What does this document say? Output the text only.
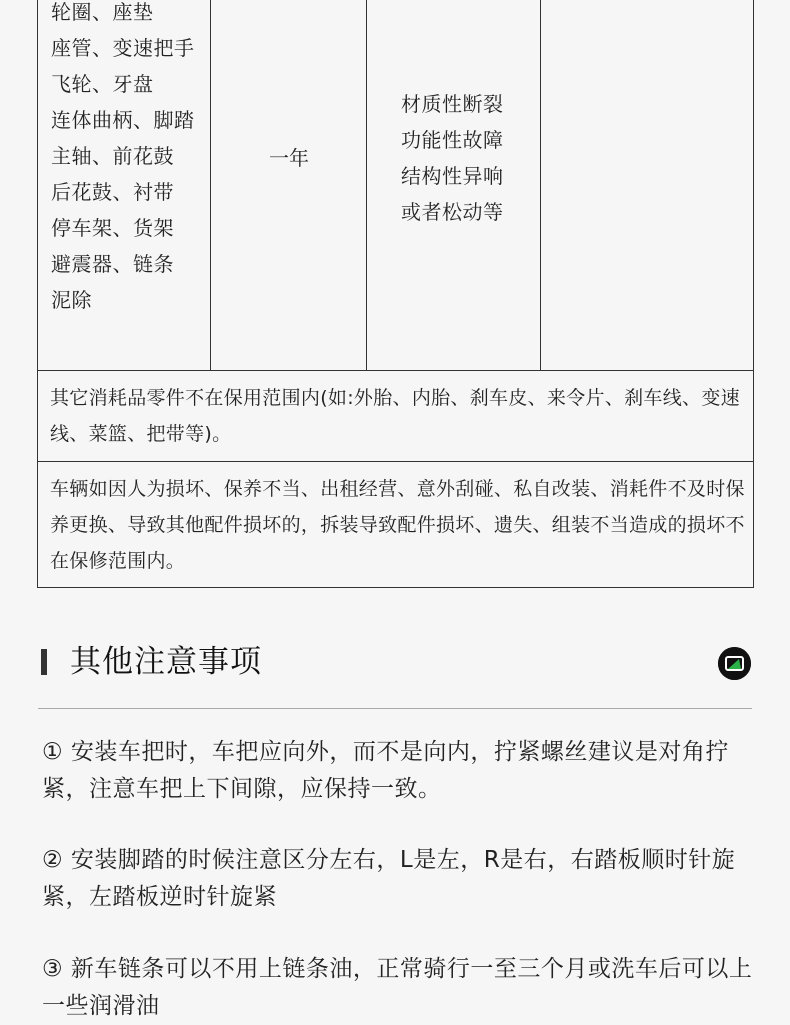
轮圈、座垫
座管、变速把手
飞轮、牙盘
连体曲柄、脚踏
主轴、前花鼓
后花鼓、衬带
停车架、货架
避震器、链条
泥除
一年
材质性断裂
功能性故障
结构性异响
或者松动等
其它消耗品零件不在保用范围内(如:外胎、内胎、刹车皮、来令片、刹车线、变速线、菜篮、把带等)。
车辆如因人为损坏、保养不当、出租经营、意外刮碰、私自改装、消耗件不及时保养更换、导致其他配件损坏的，拆装导致配件损坏、遗失、组装不当造成的损坏不在保修范围内。
其他注意事项
① 安装车把时，车把应向外，而不是向内，拧紧螺丝建议是对角拧紧，注意车把上下间隙，应保持一致。
② 安装脚踏的时候注意区分左右，L是左，R是右，右踏板顺时针旋紧，左踏板逆时针旋紧
③ 新车链条可以不用上链条油，正常骑行一至三个月或洗车后可以上一些润滑油
